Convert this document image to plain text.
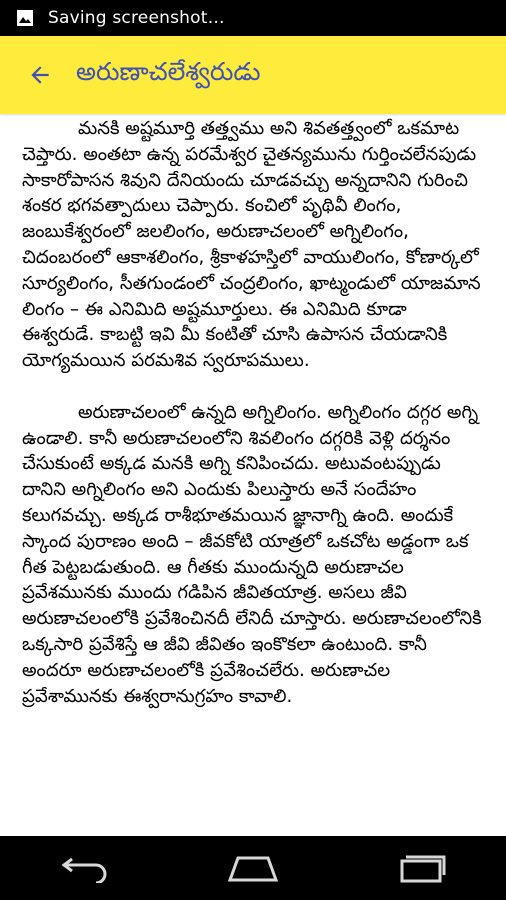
Saving screenshot…
అరుణాచలేశ్వరుడు

మనకి అష్టమూర్తి తత్త్వము అని శివతత్త్వంలో ఒకమాట చెప్తారు. అంతటా ఉన్న పరమేశ్వర చైతన్యమును గుర్తించలేనపుడు సాకారోపాసన శివుని దేనియందు చూడవచ్చు అన్నదానిని గురించి శంకర భగవత్పాదులు చెప్పారు. కంచిలో పృథివీ లింగం, జంబుకేశ్వరంలో జలలింగం, అరుణాచలంలో అగ్నిలింగం, చిదంబరంలో ఆకాశలింగం, శ్రీకాళహస్తిలో వాయులింగం, కోణార్కలో సూర్యలింగం, సీతగుండంలో చంద్రలింగం, ఖాట్మండులో యాజమాన లింగం – ఈ ఎనిమిది అష్టమూర్తులు. ఈ ఎనిమిది కూడా ఈశ్వరుడే. కాబట్టి ఇవి మీ కంటితో చూసి ఉపాసన చేయడానికి యోగ్యమయిన పరమశివ స్వరూపములు.

అరుణాచలంలో ఉన్నది అగ్నిలింగం. అగ్నిలింగం దగ్గర అగ్ని ఉండాలి. కానీ అరుణాచలంలోని శివలింగం దగ్గరికి వెళ్లి దర్శనం చేసుకుంటే అక్కడ మనకి అగ్ని కనిపించదు. అటువంటప్పుడు దానిని అగ్నిలింగం అని ఎందుకు పిలుస్తారు అనే సందేహం కలుగవచ్చు. అక్కడ రాశీభూతమయిన జ్ఞానాగ్ని ఉంది. అందుకే స్కాంద పురాణం అంది – జీవకోటి యాత్రలో ఒకచోట అడ్డంగా ఒక గీత పెట్టబడుతుంది. ఆ గీతకు ముందున్నది అరుణాచల ప్రవేశమునకు ముందు గడిపిన జీవితయాత్ర. అసలు జీవి అరుణాచలంలోకి ప్రవేశించినదీ లేనిదీ చూస్తారు. అరుణాచలంలోనికి ఒక్కసారి ప్రవేశిస్తే ఆ జీవి జీవితం ఇంకొకలా ఉంటుంది. కానీ అందరూ అరుణాచలంలోకి ప్రవేశించలేరు. అరుణాచల ప్రవేశామునకు ఈశ్వరానుగ్రహం కావాలి.
